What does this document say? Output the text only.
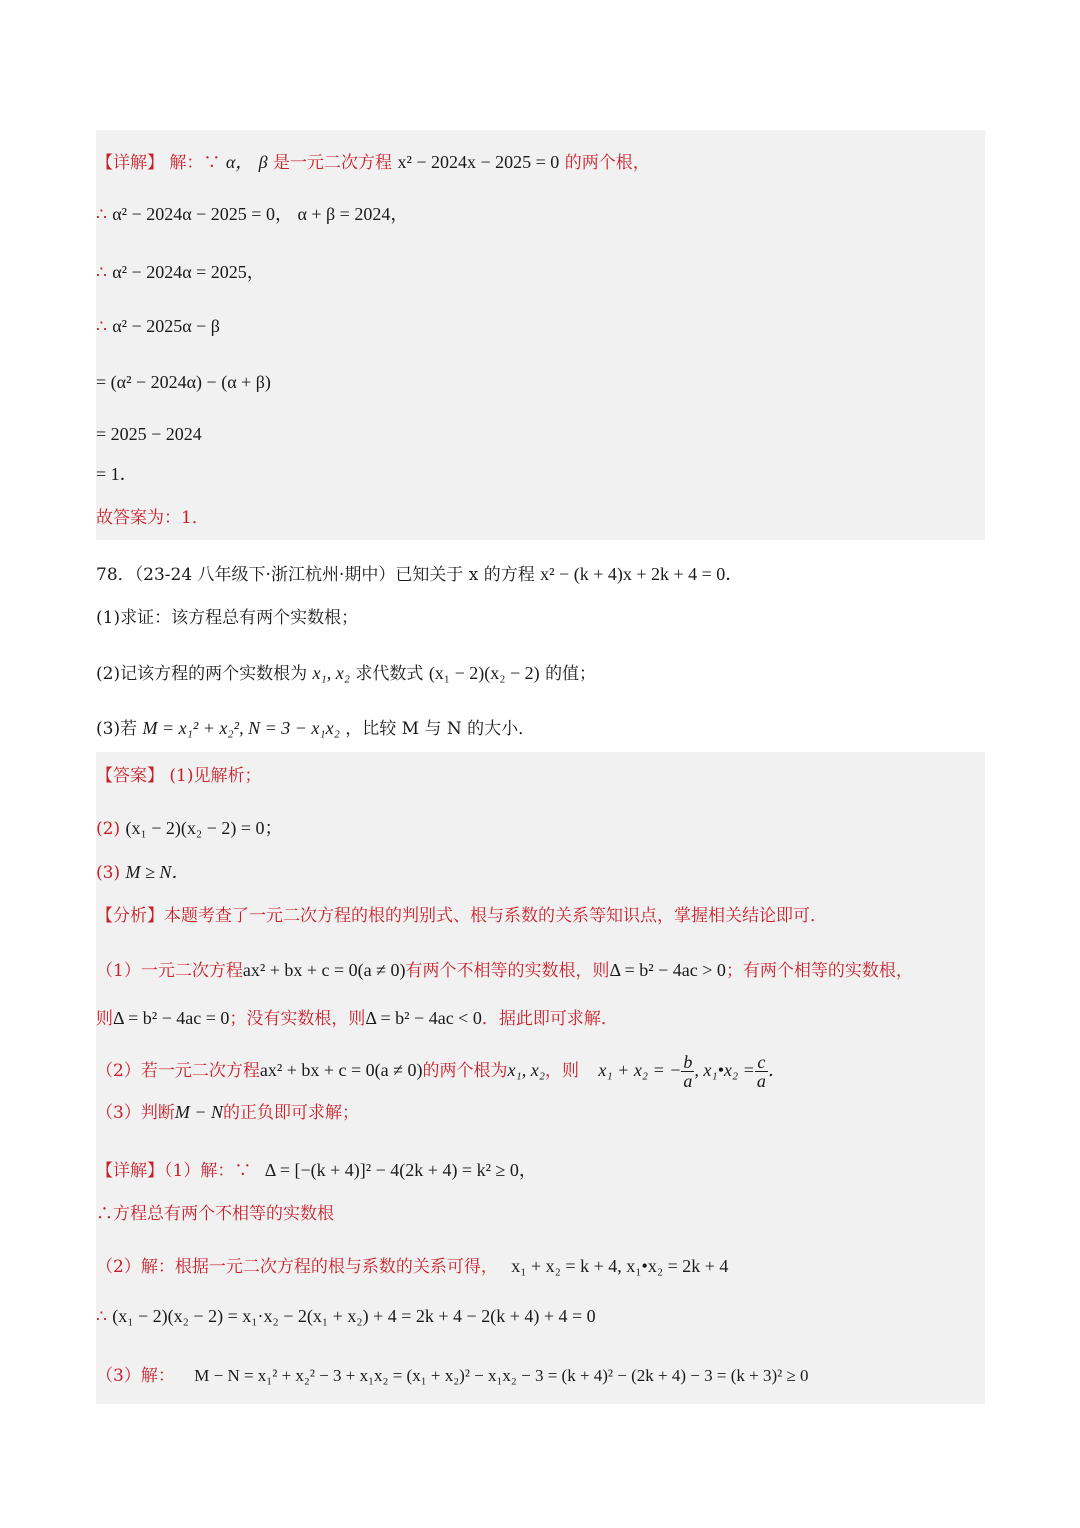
【详解】 解：∵ α， β 是一元二次方程 x² − 2024x − 2025 = 0 的两个根，
∴ α² − 2024α − 2025 = 0， α + β = 2024，
∴ α² − 2024α = 2025，
∴ α² − 2025α − β
= (α² − 2024α) − (α + β)
= 2025 − 2024
= 1．
故答案为：1．
78．（23-24 八年级下·浙江杭州·期中）已知关于 x 的方程 x² − (k + 4)x + 2k + 4 = 0．
(1)求证：该方程总有两个实数根；
(2)记该方程的两个实数根为 x₁, x₂ 求代数式 (x₁ − 2)(x₂ − 2) 的值；
(3)若 M = x₁² + x₂², N = 3 − x₁x₂ ，比较 M 与 N 的大小．
【答案】 (1)见解析；
(2) (x₁ − 2)(x₂ − 2) = 0；
(3) M ≥ N．
【分析】本题考查了一元二次方程的根的判别式、根与系数的关系等知识点，掌握相关结论即可．
（1）一元二次方程ax² + bx + c = 0(a ≠ 0)有两个不相等的实数根，则Δ = b² − 4ac > 0；有两个相等的实数根，
则Δ = b² − 4ac = 0；没有实数根，则Δ = b² − 4ac < 0．据此即可求解．
（2）若一元二次方程ax² + bx + c = 0(a ≠ 0)的两个根为x₁, x₂，则 x₁ + x₂ = − $\frac{b}{a}$ , x₁•x₂ = $\frac{c}{a}$ ．
（3）判断M − N的正负即可求解；
【详解】（1）解：∵ Δ = [−(k + 4)]² − 4(2k + 4) = k² ≥ 0，
∴方程总有两个不相等的实数根
（2）解：根据一元二次方程的根与系数的关系可得， x₁ + x₂ = k + 4, x₁•x₂ = 2k + 4
∴ (x₁ − 2)(x₂ − 2) = x₁·x₂ − 2(x₁ + x₂) + 4 = 2k + 4 − 2(k + 4) + 4 = 0
（3）解： M − N = x₁² + x₂² − 3 + x₁x₂ = (x₁ + x₂)² − x₁x₂ − 3 = (k + 4)² − (2k + 4) − 3 = (k + 3)² ≥ 0
